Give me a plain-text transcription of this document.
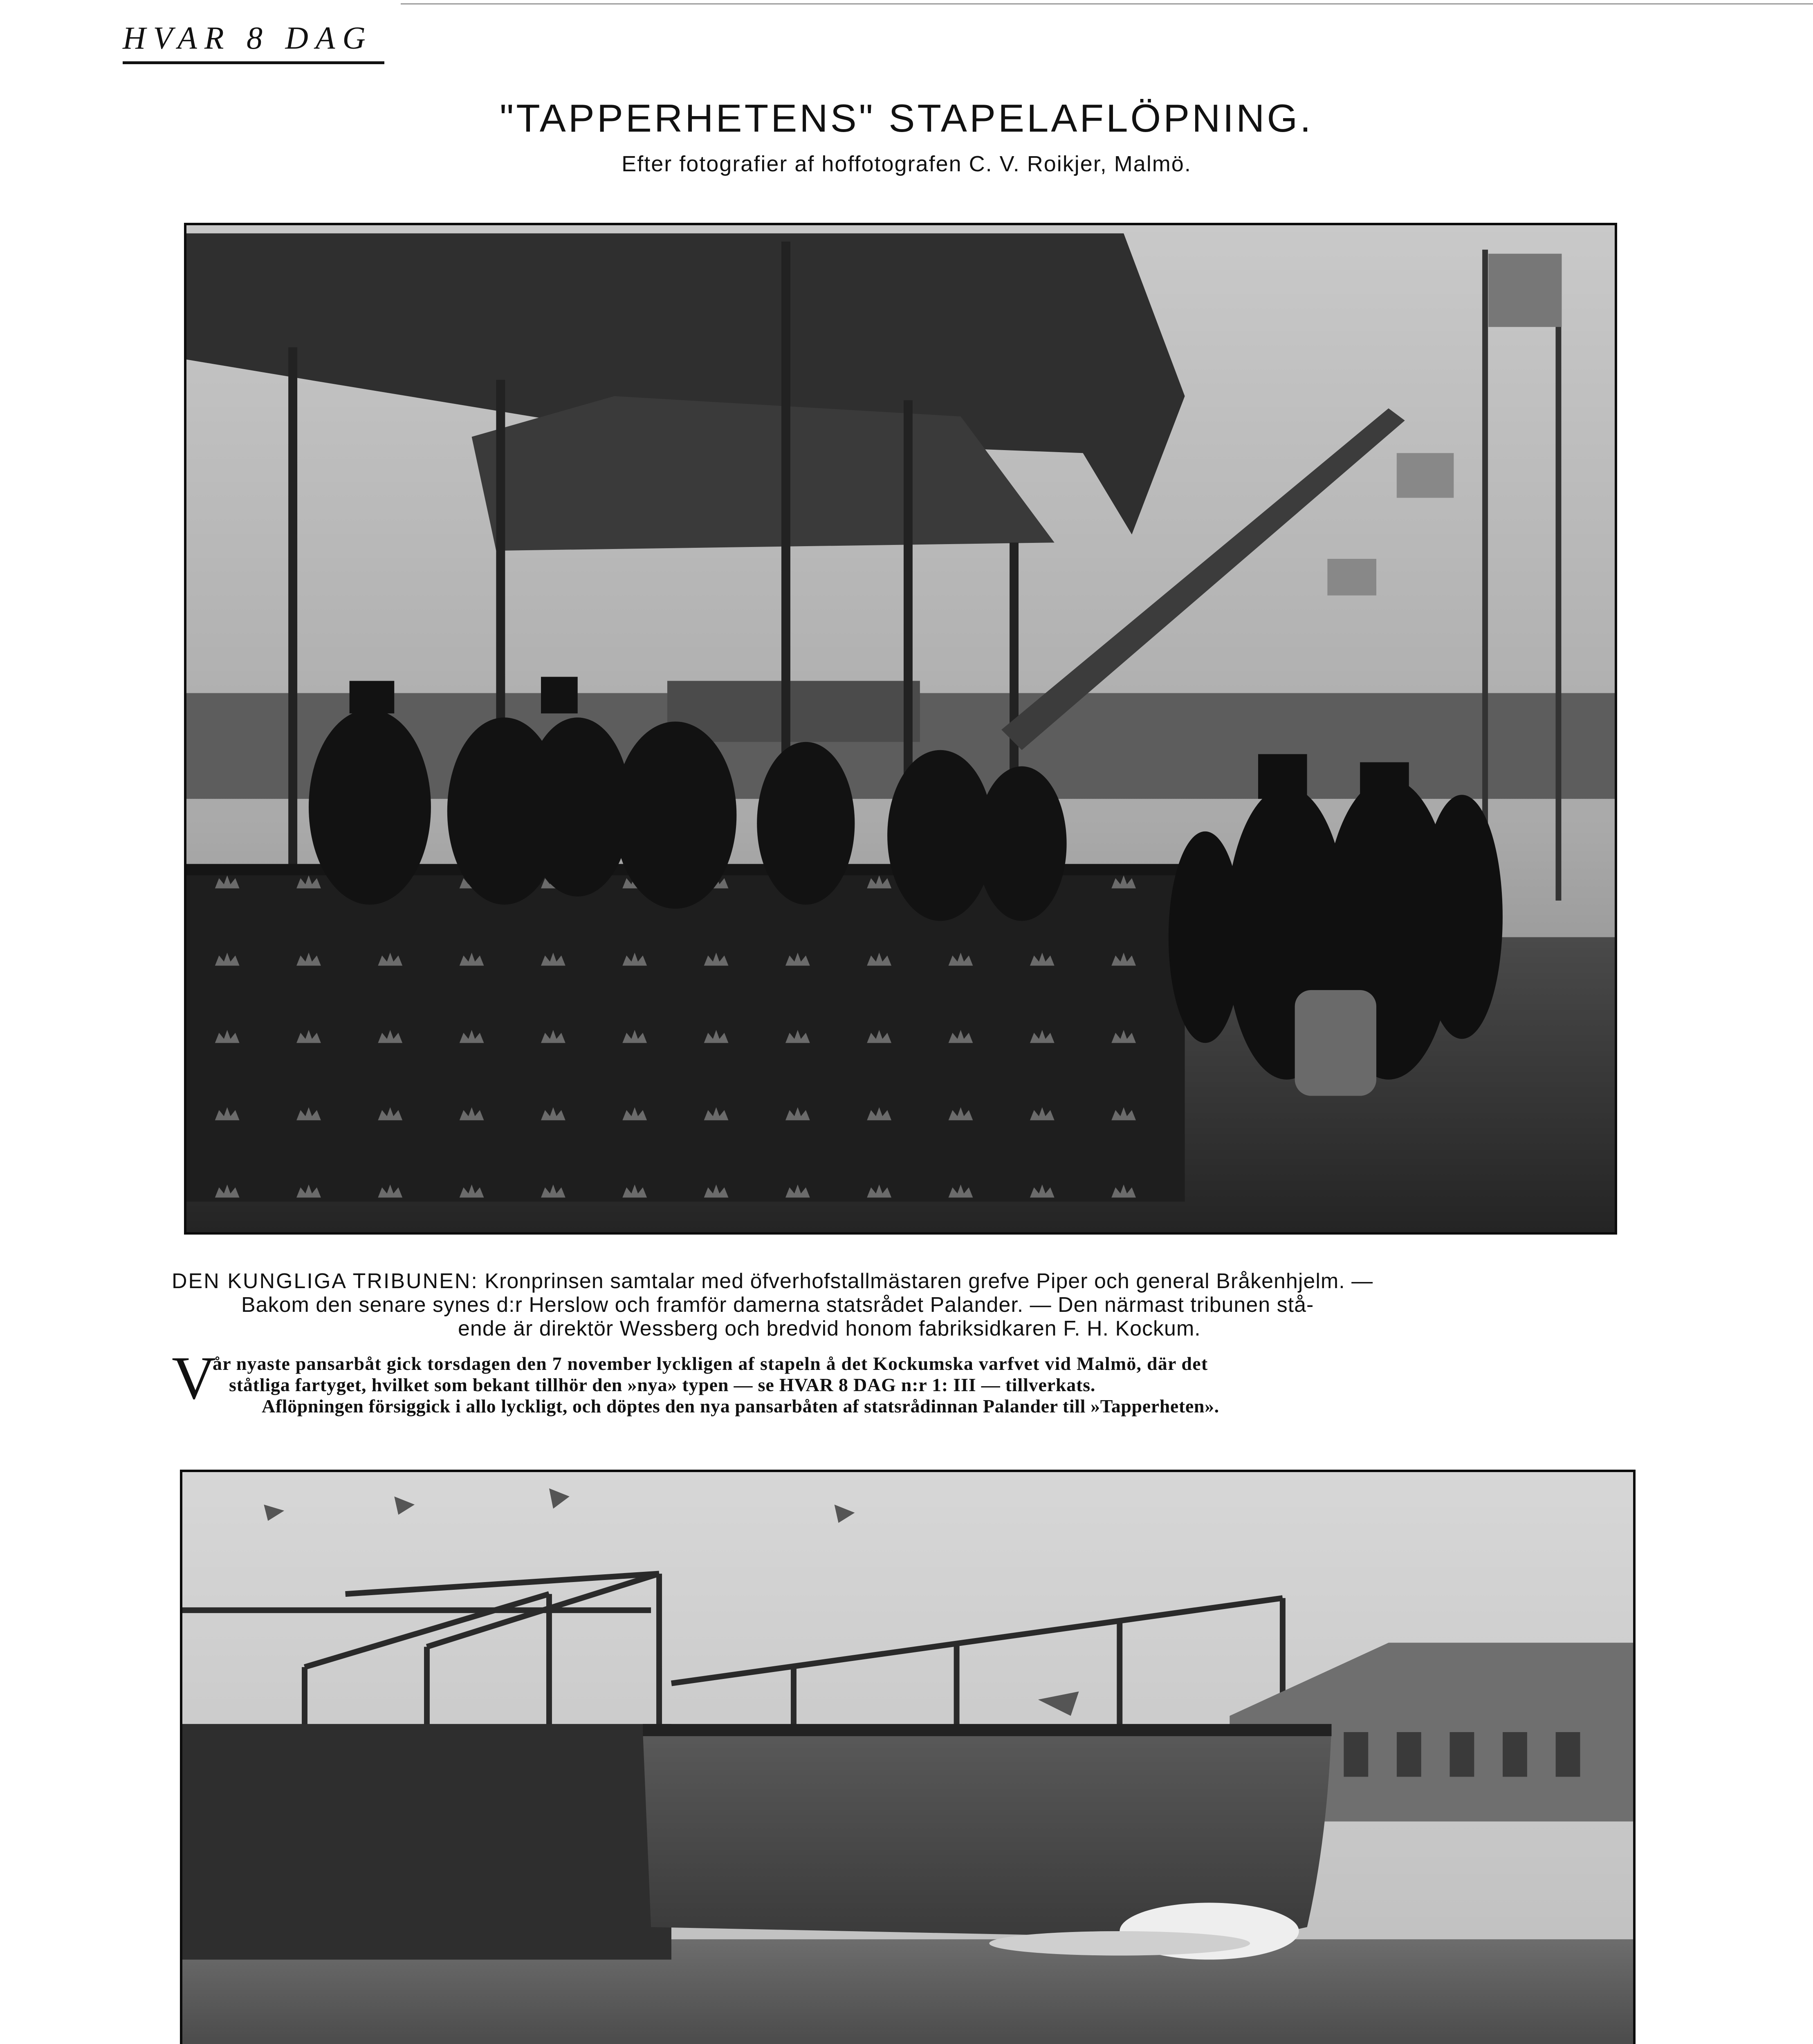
HVAR 8 DAG
"TAPPERHETENS" STAPELAFLÖPNING.
Efter fotografier af hoffotografen C. V. Roikjer, Malmö.
DEN KUNGLIGA TRIBUNEN: Kronprinsen samtalar med öfverhofstallmästaren grefve Piper och general Bråkenhjelm. —
Bakom den senare synes d:r Herslow och framför damerna statsrådet Palander. — Den närmast tribunen stå-
ende är direktör Wessberg och bredvid honom fabriksidkaren F. H. Kockum.
V
år nyaste pansarbåt gick torsdagen den 7 november lyckligen af stapeln å det Kockumska varfvet vid Malmö, där det
ståtliga fartyget, hvilket som bekant tillhör den »nya» typen — se HVAR 8 DAG n:r 1: III — tillverkats.
Aflöpningen försiggick i allo lyckligt, och döptes den nya pansarbåten af statsrådinnan Palander till »Tapperheten».
